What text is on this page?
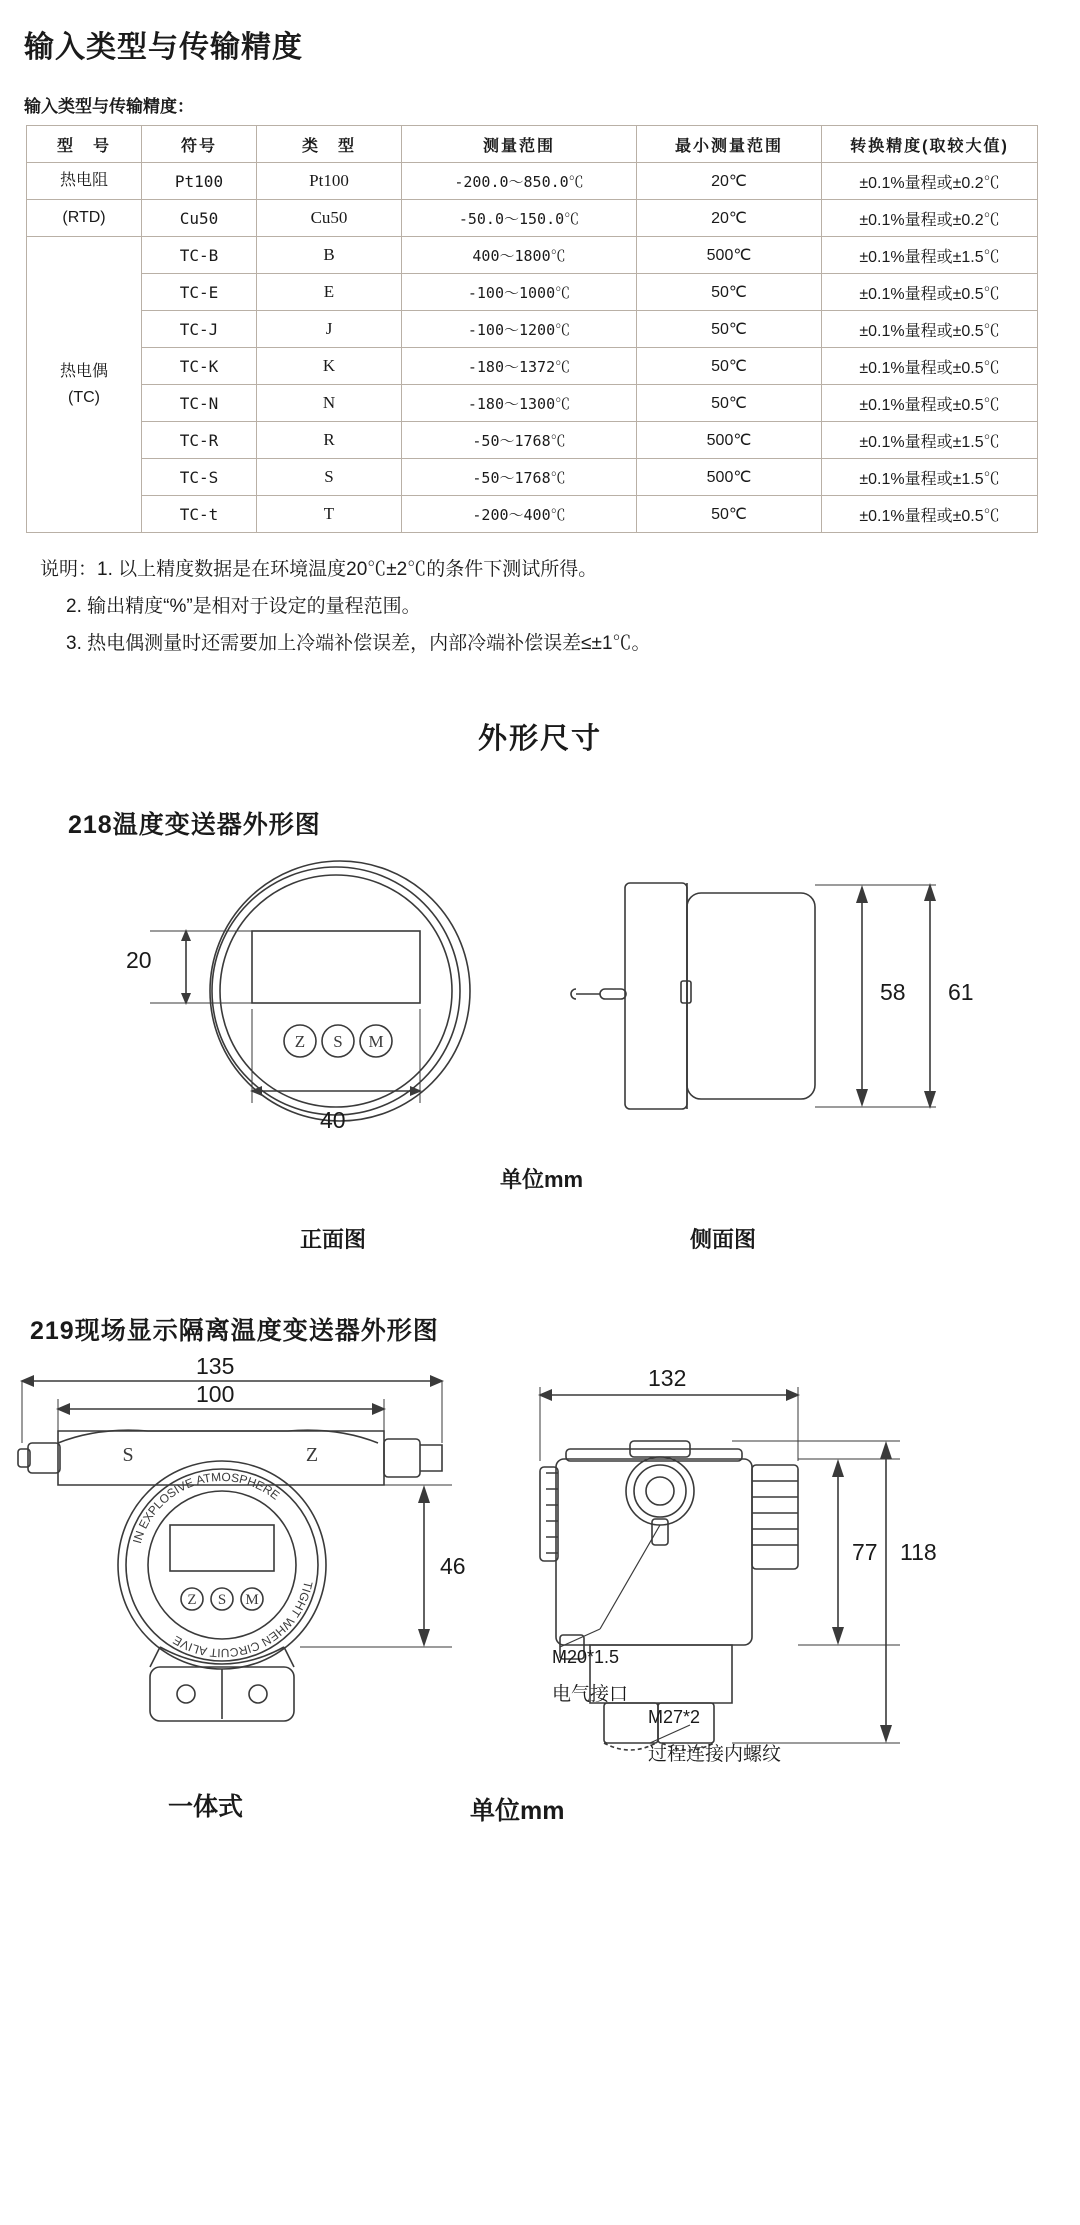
输入类型与传输精度

输入类型与传输精度：

型　号	符号	类　型	测量范围	最小测量范围	转换精度(取较大值)
热电阻	Pt100	Pt100	-200.0～850.0℃	20℃	±0.1%量程或±0.2℃
(RTD)	Cu50	Cu50	-50.0～150.0℃	20℃	±0.1%量程或±0.2℃
热电偶
(TC)	TC-B	B	400～1800℃	500℃	±0.1%量程或±1.5℃
	TC-E	E	-100～1000℃	50℃	±0.1%量程或±0.5℃
	TC-J	J	-100～1200℃	50℃	±0.1%量程或±0.5℃
	TC-K	K	-180～1372℃	50℃	±0.1%量程或±0.5℃
	TC-N	N	-180～1300℃	50℃	±0.1%量程或±0.5℃
	TC-R	R	-50～1768℃	500℃	±0.1%量程或±1.5℃
	TC-S	S	-50～1768℃	500℃	±0.1%量程或±1.5℃
	TC-t	T	-200～400℃	50℃	±0.1%量程或±0.5℃
说明：1. 以上精度数据是在环境温度20℃±2℃的条件下测试所得。
2. 输出精度“%”是相对于设定的量程范围。
3. 热电偶测量时还需要加上冷端补偿误差，内部冷端补偿误差≤±1℃。
外形尺寸
218温度变送器外形图
Z S M
20
40
58 61
单位mm
正面图	侧面图
219现场显示隔离温度变送器外形图
Z S M
S	Z
IN EXPLOSIVE ATMOSPHERE
TIGHT WHEN CIRCUIT ALIVE
135
100
46
132
77 118
M20*1.5
电气接口
M27*2
过程连接内螺纹
一体式	单位mm
